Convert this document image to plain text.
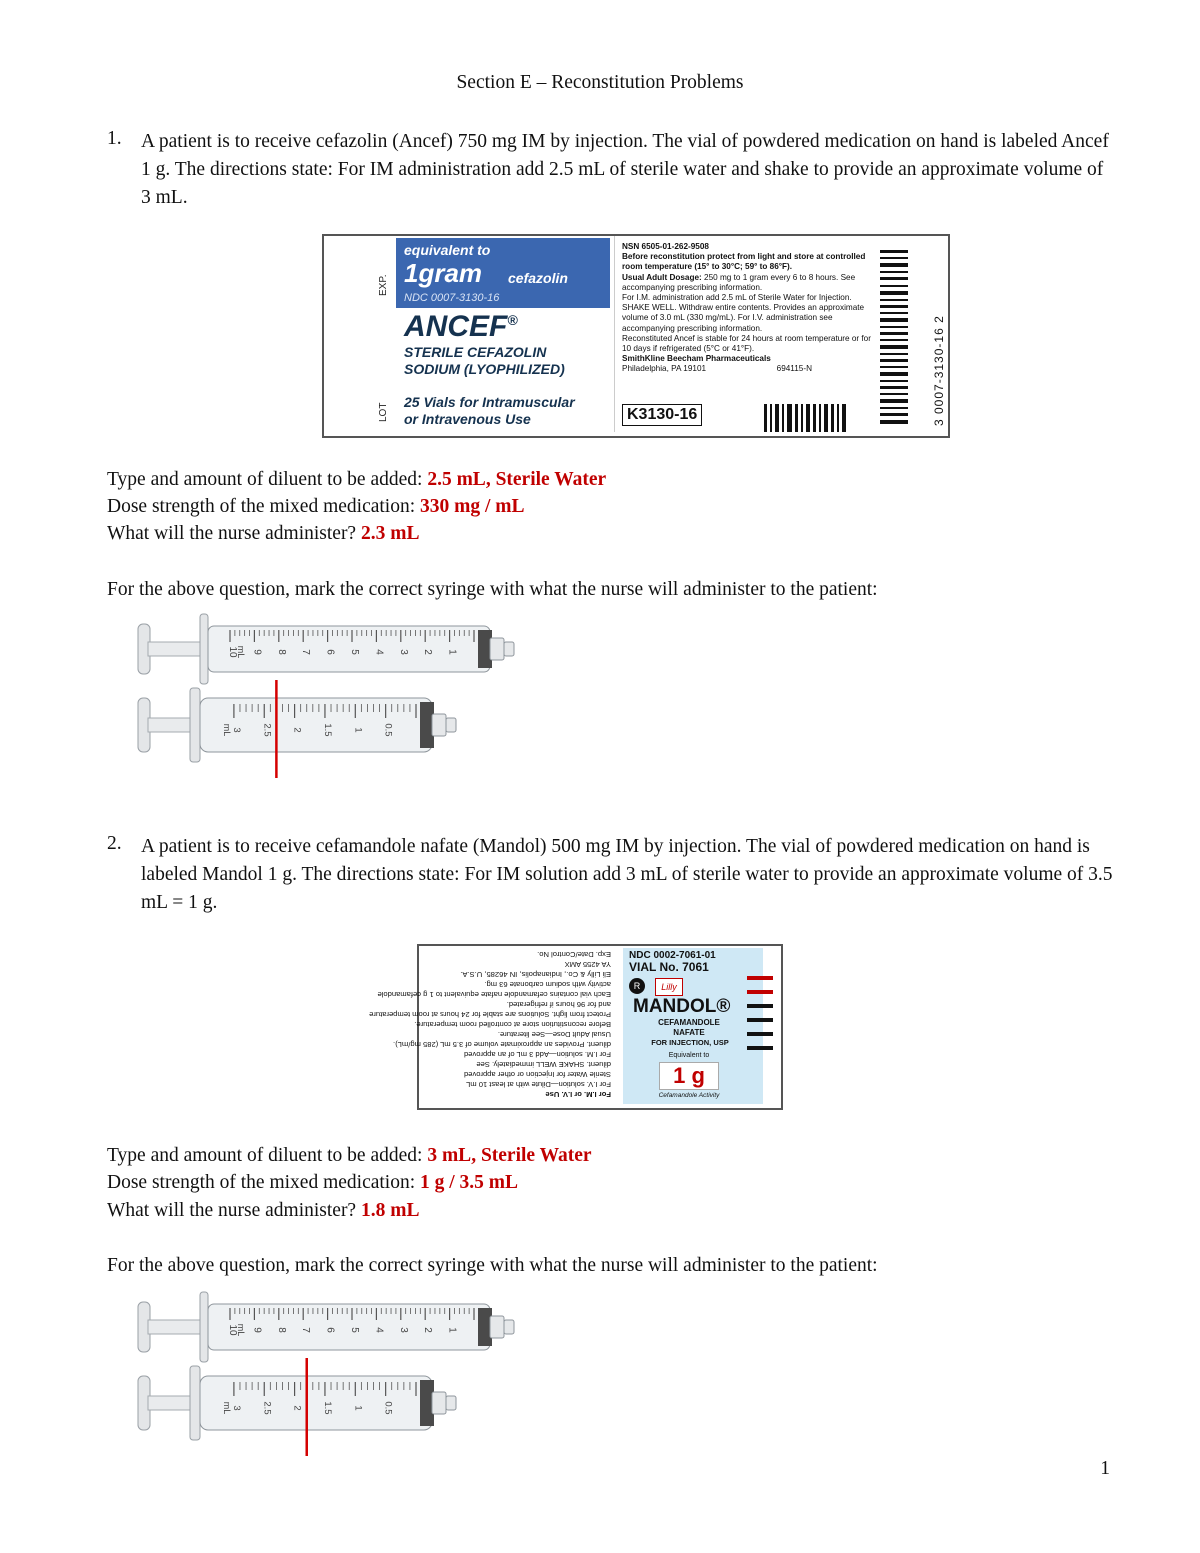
Section E – Reconstitution Problems
1. A patient is to receive cefazolin (Ancef) 750 mg IM by injection. The vial of powdered medication on hand is labeled Ancef 1 g. The directions state: For IM administration add 2.5 mL of sterile water and shake to provide an approximate volume of 3 mL.
EXP.
LOT
equivalent to
1gram cefazolin
NDC 0007-3130-16
ANCEF®
STERILE CEFAZOLIN
SODIUM (LYOPHILIZED)
25 Vials for Intramuscular
or Intravenous Use
NSN 6505-01-262-9508
Before reconstitution protect from light and store at controlled room temperature (15° to 30°C; 59° to 86°F).
Usual Adult Dosage: 250 mg to 1 gram every 6 to 8 hours. See accompanying prescribing information.
For I.M. administration add 2.5 mL of Sterile Water for Injection. SHAKE WELL. Withdraw entire contents. Provides an approximate volume of 3.0 mL (330 mg/mL). For I.V. administration see accompanying prescribing information.
Reconstituted Ancef is stable for 24 hours at room temperature or for 10 days if refrigerated (5°C or 41°F).
SmithKline Beecham Pharmaceuticals
Philadelphia, PA 19101	694115-N
K3130-16	3 0007-3130-16 2
Type and amount of diluent to be added: 2.5 mL, Sterile Water
Dose strength of the mixed medication: 330 mg / mL
What will the nurse administer? 2.3 mL
For the above question, mark the correct syringe with what the nurse will administer to the patient:
1
2
3
4
5
6
7
8
9
10
mL
0.5
1
1.5
2
2.5
3
mL
2. A patient is to receive cefamandole nafate (Mandol) 500 mg IM by injection. The vial of powdered medication on hand is labeled Mandol 1 g. The directions state: For IM solution add 3 mL of sterile water to provide an approximate volume of 3.5 mL = 1 g.
For I.M. or I.V. Use
For I.V. solution—Dilute with at least 10 mL
Sterile Water for Injection or other approved
diluent. SHAKE WELL immediately. See
For I.M. solution—Add 3 mL of an approved
diluent. Provides an approximate volume of 3.5 mL (285 mg/mL).
Usual Adult Dose—See literature.
Before reconstitution store at controlled room temperature.
Protect from light. Solutions are stable for 24 hours at room temperature
and for 96 hours if refrigerated.
Each vial contains cefamandole nafate equivalent to 1 g cefamandole
activity with sodium carbonate 63 mg.
Eli Lilly & Co., Indianapolis, IN 46285, U.S.A.
YA 4255 AMX
Exp. Date/Control No. NDC 0002-7061-01
VIAL No. 7061
R	Lilly
MANDOL®
CEFAMANDOLE
NAFATE
FOR INJECTION, USP
Equivalent to
1 g
Cefamandole Activity
Type and amount of diluent to be added: 3 mL, Sterile Water
Dose strength of the mixed medication: 1 g / 3.5 mL
What will the nurse administer? 1.8 mL
For the above question, mark the correct syringe with what the nurse will administer to the patient:
1
2
3
4
5
6
7
8
9
10
mL
0.5
1
1.5
2
2.5
3
mL
1
